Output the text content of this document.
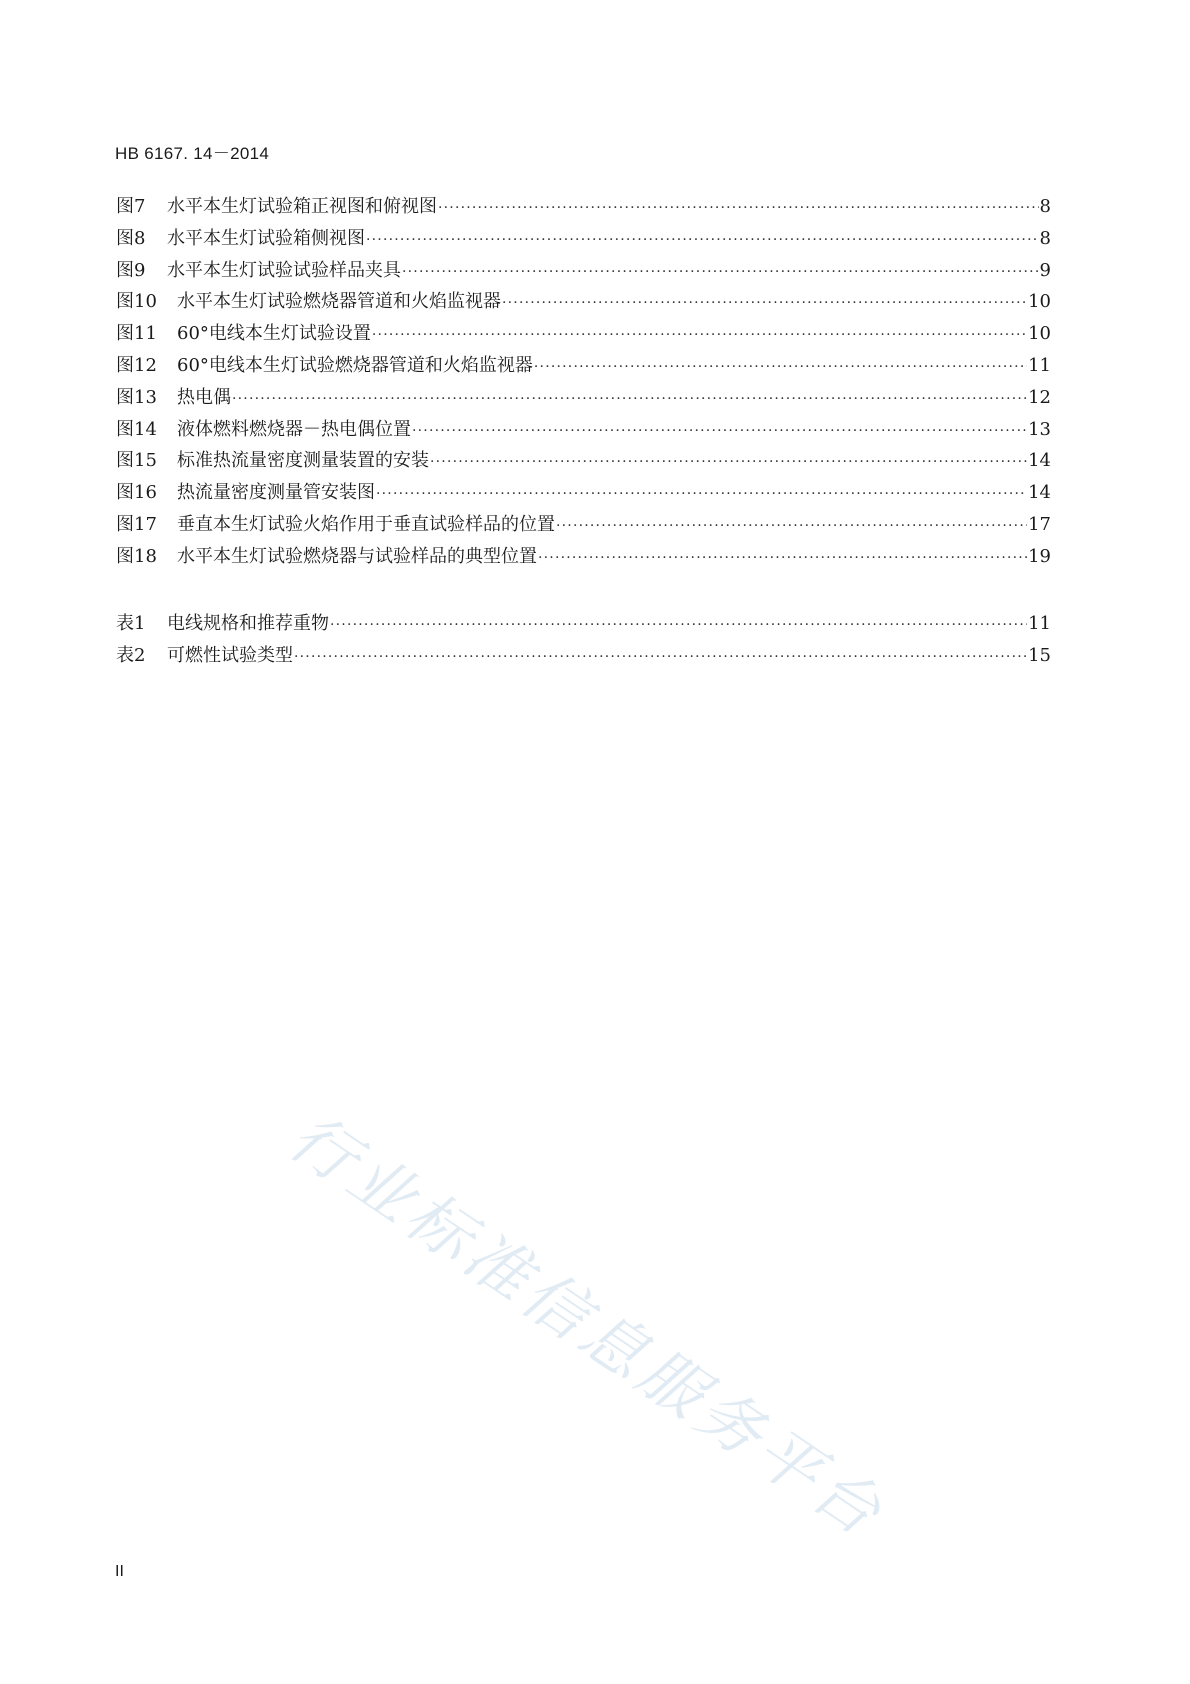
HB 6167. 14－2014
图7	水平本生灯试验箱正视图和俯视图 ·····	8
图8	水平本生灯试验箱侧视图 ·····	8
图9	水平本生灯试验试验样品夹具 ·····	9
图10	水平本生灯试验燃烧器管道和火焰监视器 ·····	10
图11	60°电线本生灯试验设置 ·····	10
图12	60°电线本生灯试验燃烧器管道和火焰监视器 ·····	11
图13	热电偶 ·····	12
图14	液体燃料燃烧器－热电偶位置 ·····	13
图15	标准热流量密度测量装置的安装 ·····	14
图16	热流量密度测量管安装图 ·····	14
图17	垂直本生灯试验火焰作用于垂直试验样品的位置 ·····	17
图18	水平本生灯试验燃烧器与试验样品的典型位置 ·····	19
表1	电线规格和推荐重物 ·····	11
表2	可燃性试验类型 ·····	15
行业标准信息服务平台
II
